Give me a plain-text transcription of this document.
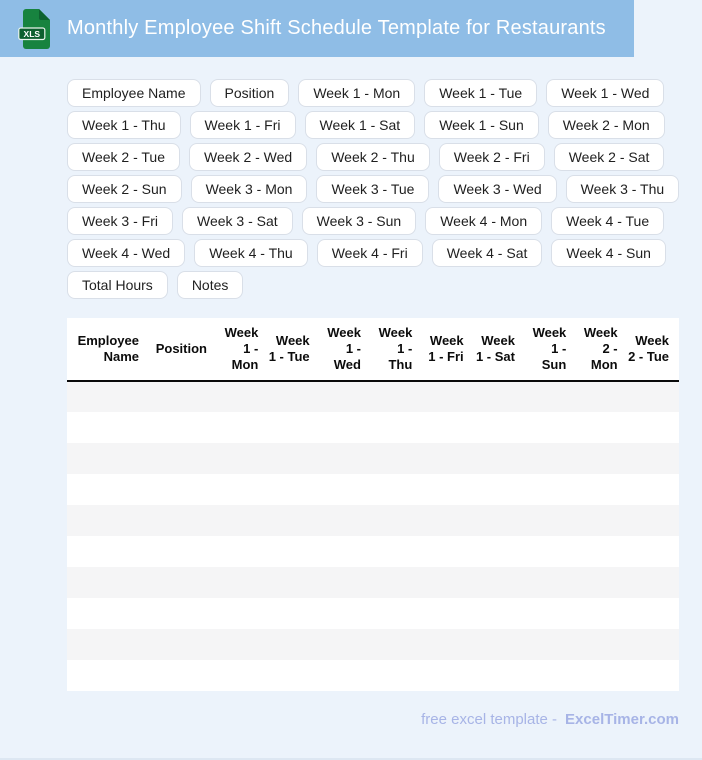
XLS Monthly Employee Shift Schedule Template for Restaurants
Employee Name	Position	Week 1 - Mon	Week 1 - Tue	Week 1 - Wed
Week 1 - Thu	Week 1 - Fri	Week 1 - Sat	Week 1 - Sun	Week 2 - Mon
Week 2 - Tue	Week 2 - Wed	Week 2 - Thu	Week 2 - Fri	Week 2 - Sat
Week 2 - Sun	Week 3 - Mon	Week 3 - Tue	Week 3 - Wed	Week 3 - Thu
Week 3 - Fri	Week 3 - Sat	Week 3 - Sun	Week 4 - Mon	Week 4 - Tue
Week 4 - Wed	Week 4 - Thu	Week 4 - Fri	Week 4 - Sat	Week 4 - Sun
Total Hours	Notes
Employee Name	Position	Week 1 - Mon	Week 1 - Tue	Week 1 - Wed	Week 1 - Thu	Week 1 - Fri	Week 1 - Sat	Week 1 - Sun	Week 2 - Mon	Week 2 - Tue

free excel template - ExcelTimer.com
